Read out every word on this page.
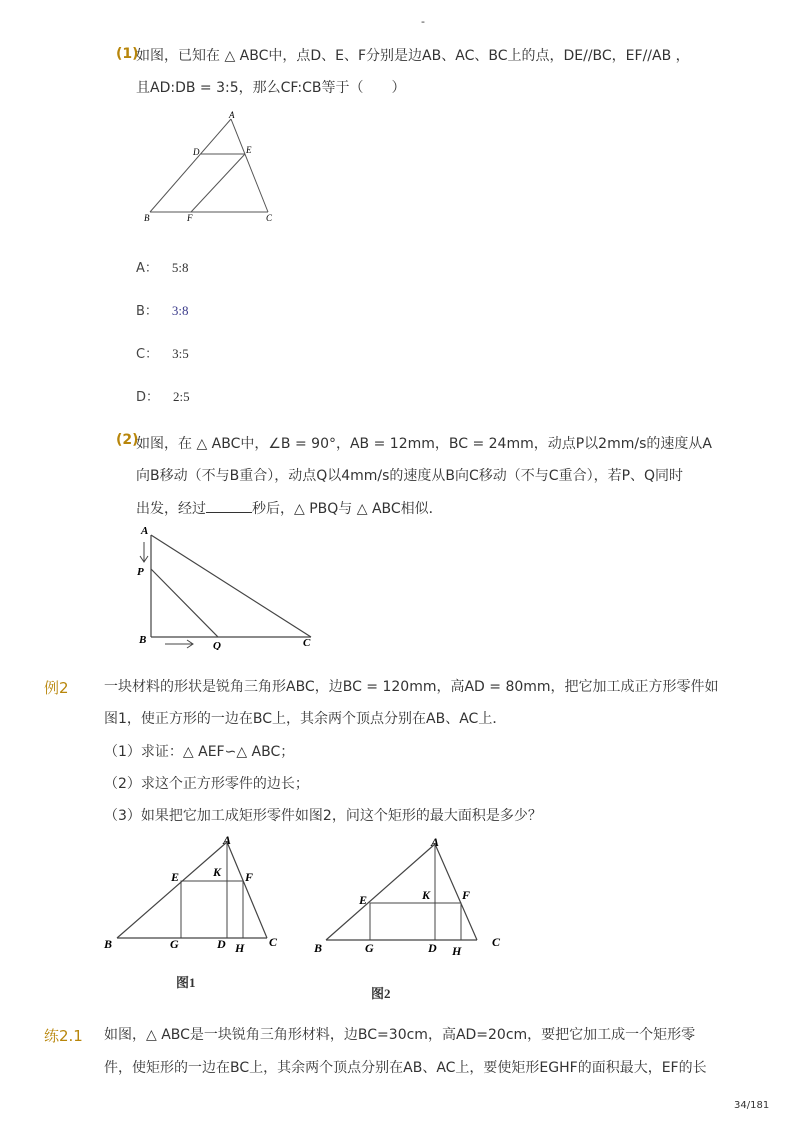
-
(1)
如图，已知在 △ ABC中，点D、E、F分别是边AB、AC、BC上的点，DE//BC，EF//AB ，
且AD:DB = 3:5，那么CF:CB等于（　　）
A
D	E
B	F	C
A： 5:8
B： 3:8
C： 3:5
D： 2:5
(2)
如图，在 △ ABC中，∠B = 90°，AB = 12mm，BC = 24mm，动点P以2mm/s的速度从A
向B移动（不与B重合），动点Q以4mm/s的速度从B向C移动（不与C重合），若P、Q同时
出发，经过	秒后，△ PBQ与 △ ABC相似．
A
P
B	Q	C
例2	一块材料的形状是锐角三角形ABC，边BC = 120mm，高AD = 80mm，把它加工成正方形零件如
图1，使正方形的一边在BC上，其余两个顶点分别在AB、AC上．
（1）求证：△ AEF∽△ ABC；
（2）求这个正方形零件的边长；
（3）如果把它加工成矩形零件如图2，问这个矩形的最大面积是多少？
A
E	K F
B	G	D H C
图1
A
E	K	F
B	G	D H
C
图2
练2.1 如图，△ ABC是一块锐角三角形材料，边BC=30cm，高AD=20cm，要把它加工成一个矩形零
件，使矩形的一边在BC上，其余两个顶点分别在AB、AC上，要使矩形EGHF的面积最大，EF的长
34/181
